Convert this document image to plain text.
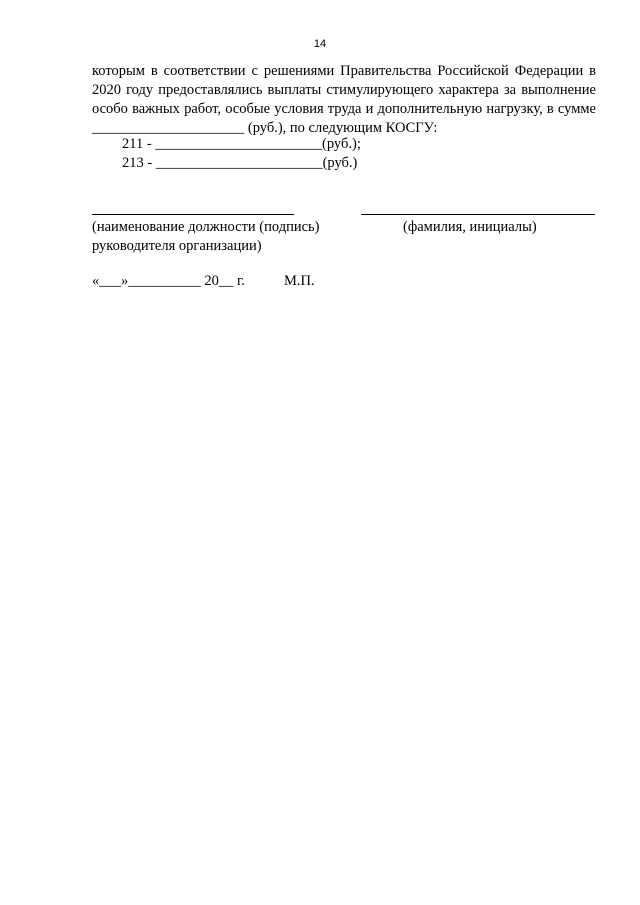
14

которым в соответствии с решениями Правительства Российской Федерации в 2020 году предоставлялись выплаты стимулирующего характера за выполнение особо важных работ, особые условия труда и дополнительную нагрузку, в сумме _____________________ (руб.), по следующим КОСГУ:

211 - _______________________(руб.);
213 - _______________________(руб.)
(наименование должности (подпись)	(фамилия, инициалы)
руководителя организации)
«___»__________ 20__ г.	М.П.
